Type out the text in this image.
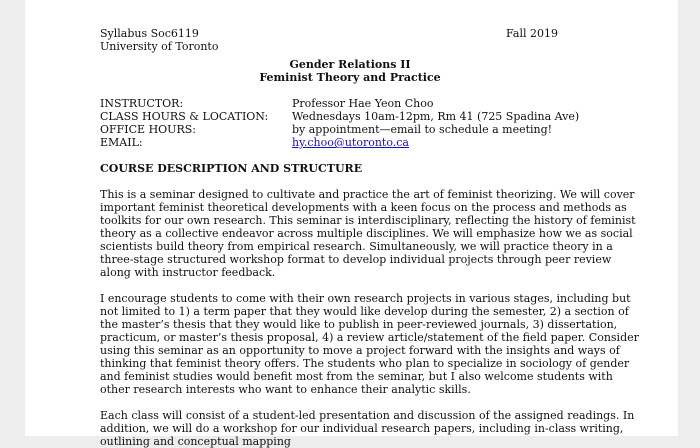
Syllabus Soc6119	Fall 2019
University of Toronto
Gender Relations II
Feminist Theory and Practice
INSTRUCTOR:	Professor Hae Yeon Choo
CLASS HOURS & LOCATION: Wednesdays 10am-12pm, Rm 41 (725 Spadina Ave)
OFFICE HOURS:	by appointment—email to schedule a meeting!
EMAIL:	hy.choo@utoronto.ca
COURSE DESCRIPTION AND STRUCTURE
This is a seminar designed to cultivate and practice the art of feminist theorizing. We will cover
important feminist theoretical developments with a keen focus on the process and methods as
toolkits for our own research. This seminar is interdisciplinary, reflecting the history of feminist
theory as a collective endeavor across multiple disciplines. We will emphasize how we as social
scientists build theory from empirical research. Simultaneously, we will practice theory in a
three-stage structured workshop format to develop individual projects through peer review
along with instructor feedback.
I encourage students to come with their own research projects in various stages, including but
not limited to 1) a term paper that they would like develop during the semester, 2) a section of
the master’s thesis that they would like to publish in peer-reviewed journals, 3) dissertation,
practicum, or master’s thesis proposal, 4) a review article/statement of the field paper. Consider
using this seminar as an opportunity to move a project forward with the insights and ways of
thinking that feminist theory offers. The students who plan to specialize in sociology of gender
and feminist studies would benefit most from the seminar, but I also welcome students with
other research interests who want to enhance their analytic skills.
Each class will consist of a student-led presentation and discussion of the assigned readings. In
addition, we will do a workshop for our individual research papers, including in-class writing,
outlining and conceptual mapping
